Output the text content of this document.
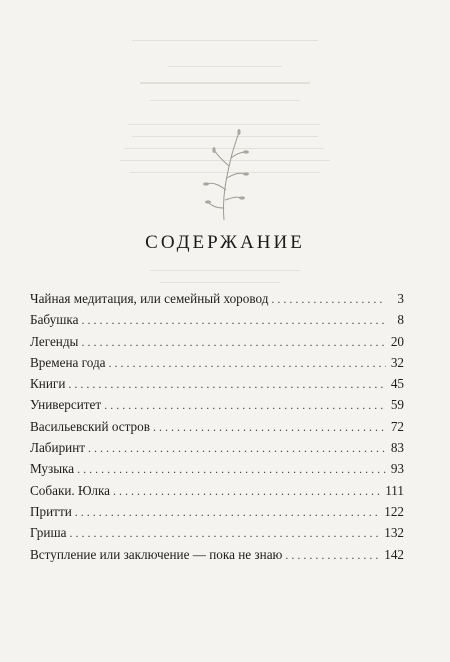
СОДЕРЖАНИЕ
Чайная медитация, или семейный хоровод . . .	3
Бабушка . . .	8
Легенды . . .	20
Времена года . . .	32
Книги . . .	45
Университет . . .	59
Васильевский остров . . .	72
Лабиринт . . .	83
Музыка . . .	93
Собаки. Юлка . . .	111
Притти . . .	122
Гриша . . .	132
Вступление или заключение — пока не знаю . . .	142
